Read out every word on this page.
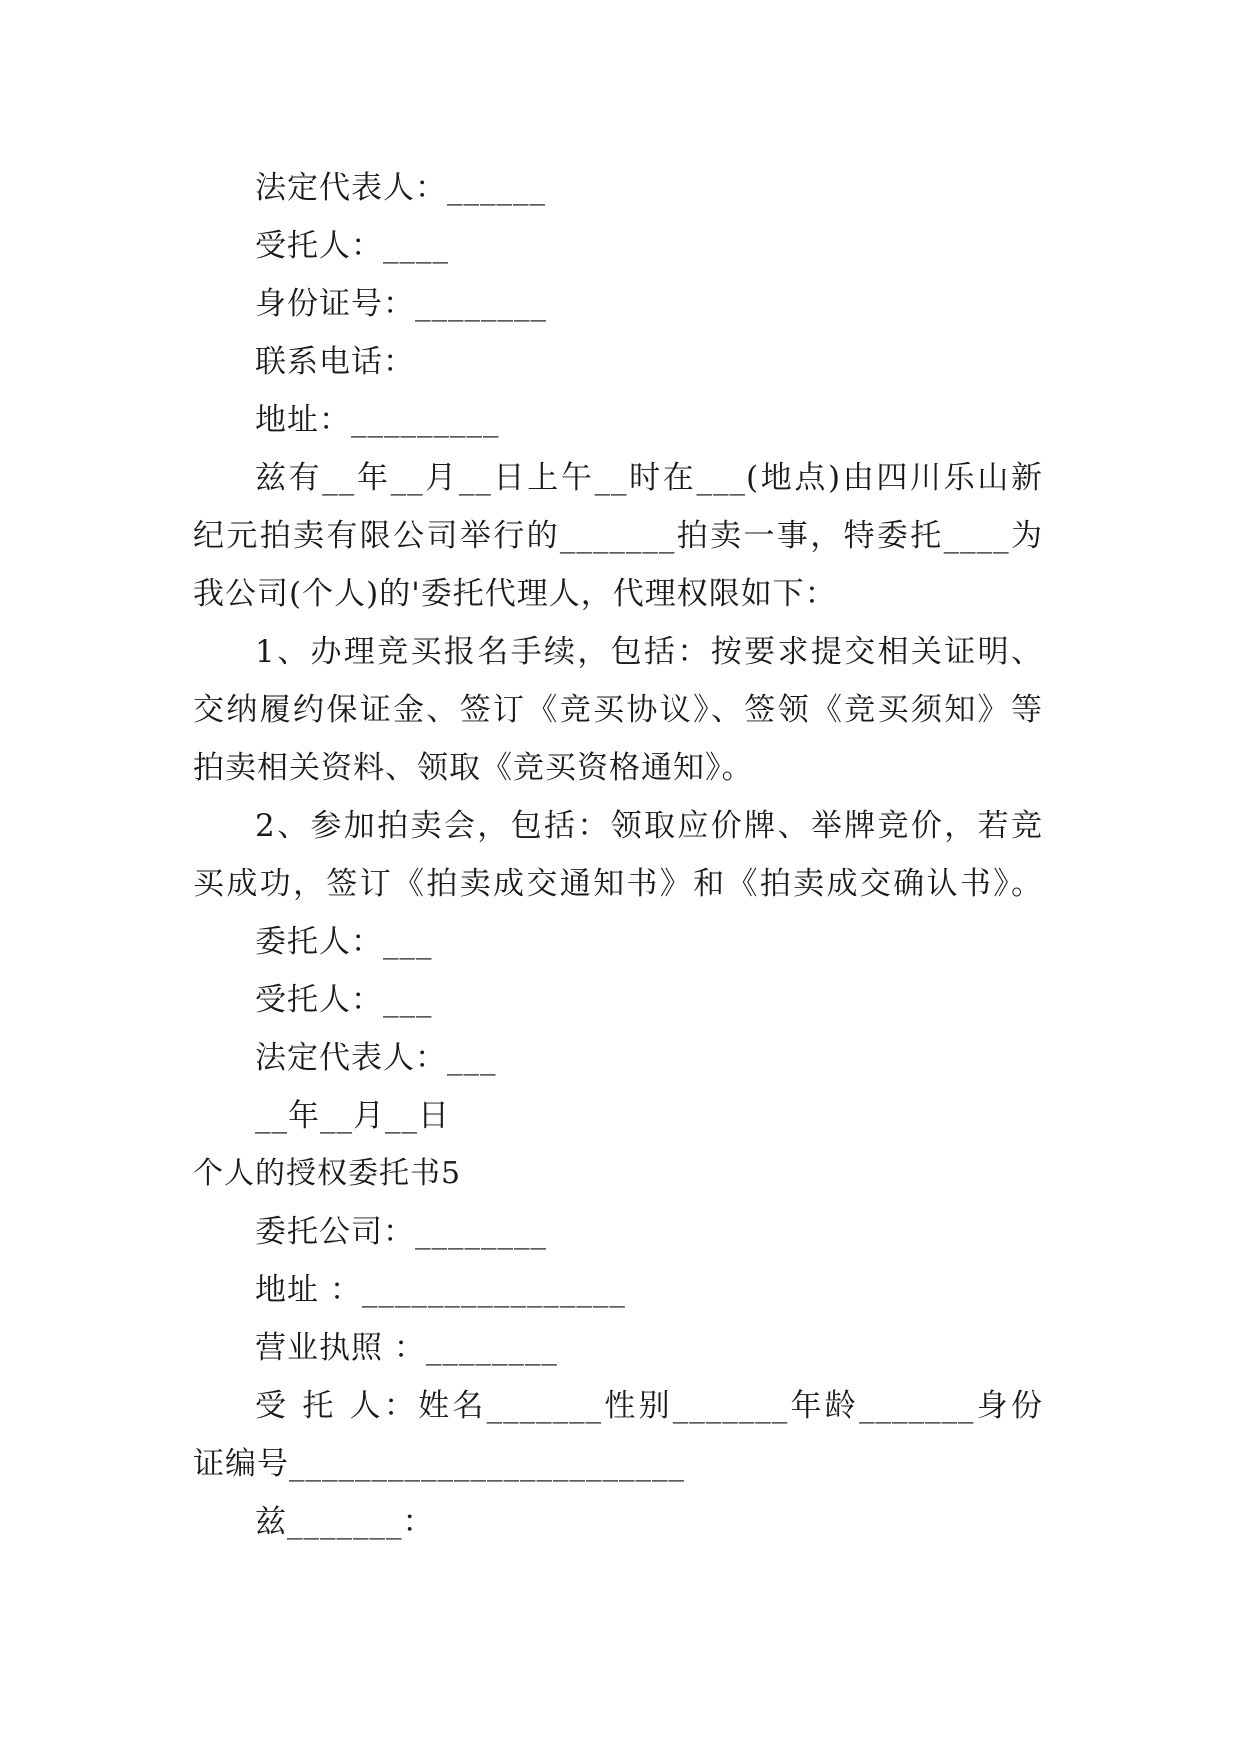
法定代表人：______
受托人：____
身份证号：________
联系电话：
地址：_________
兹有__年__月__日上午__时在___(地点)由四川乐山新
纪元拍卖有限公司举行的_______拍卖一事，特委托____为
我公司(个人)的'委托代理人，代理权限如下：
1、办理竞买报名手续，包括：按要求提交相关证明、
交纳履约保证金、签订《竞买协议》、签领《竞买须知》等
拍卖相关资料、领取《竞买资格通知》。
2、参加拍卖会，包括：领取应价牌、举牌竞价，若竞
买成功，签订《拍卖成交通知书》和《拍卖成交确认书》。
委托人：___
受托人：___
法定代表人：___
__年__月__日
个人的授权委托书5
委托公司：________
地址 ：________________
营业执照 ：________
受 托 人：姓名_______性别_______年龄_______身份
证编号________________________
兹_______：
